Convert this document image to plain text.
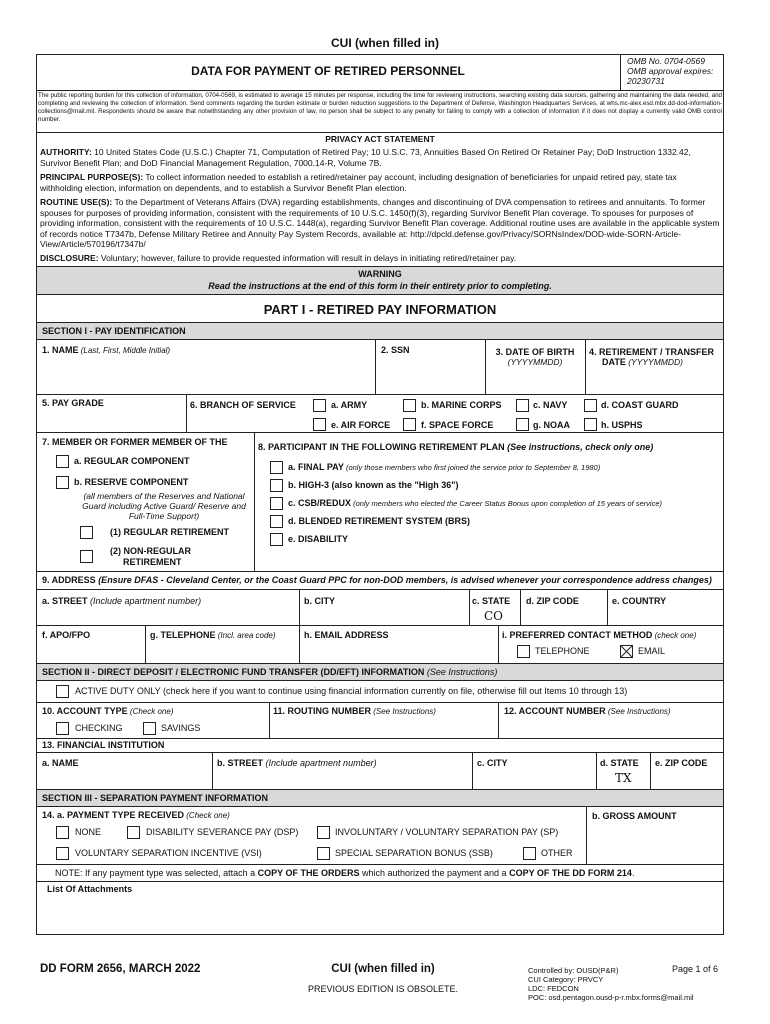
CUI (when filled in)
DATA FOR PAYMENT OF RETIRED PERSONNEL
OMB No. 0704-0569
OMB approval expires:
20230731
The public reporting burden for this collection of information, 0704-0569, is estimated to average 15 minutes per response, including the time for reviewing instructions, searching existing data sources, gathering and maintaining the data needed, and completing and reviewing the collection of information. Send comments regarding the burden estimate or burden reduction suggestions to the Department of Defense, Washington Headquarters Services, at whs.mc-alex.esd.mbx.dd-dod-information-collections@mail.mil. Respondents should be aware that notwithstanding any other provision of law, no person shall be subject to any penalty for failing to comply with a collection of information if it does not display a currently valid OMB control number.
PRIVACY ACT STATEMENT
AUTHORITY: 10 United States Code (U.S.C.) Chapter 71, Computation of Retired Pay; 10 U.S.C. 73, Annuities Based On Retired Or Retainer Pay; DoD Instruction 1332.42, Survivor Benefit Plan; and DoD Financial Management Regulation, 7000.14-R, Volume 7B.
PRINCIPAL PURPOSE(S): To collect information needed to establish a retired/retainer pay account, including designation of beneficiaries for unpaid retired pay, state tax withholding election, information on dependents, and to establish a Survivor Benefit Plan election.
ROUTINE USE(S): To the Department of Veterans Affairs (DVA) regarding establishments, changes and discontinuing of DVA compensation to retirees and annuitants. To former spouses for purposes of providing information, consistent with the requirements of 10 U.S.C. 1450(f)(3), regarding Survivor Benefit Plan coverage. To spouses for purposes of providing information, consistent with the requirements of 10 U.S.C. 1448(a), regarding Survivor Benefit Plan coverage. Additional routine uses are available in the applicable system of records notice T7347b, Defense Military Retiree and Annuity Pay System Records, available at: http://dpcld.defense.gov/Privacy/SORNsIndex/DOD-wide-SORN-Article-View/Article/570196/t7347b/
DISCLOSURE: Voluntary; however, failure to provide requested information will result in delays in initiating retired/retainer pay.
WARNING
Read the instructions at the end of this form in their entirety prior to completing.
PART I - RETIRED PAY INFORMATION
SECTION I - PAY IDENTIFICATION
1. NAME (Last, First, Middle Initial)	2. SSN	3. DATE OF BIRTH
(YYYYMMDD)
4. RETIREMENT / TRANSFER
DATE (YYYYMMDD)
5. PAY GRADE	6. BRANCH OF SERVICE	a. ARMY	b. MARINE CORPS	c. NAVY	d. COAST GUARD
e. AIR FORCE	f. SPACE FORCE	g. NOAA	h. USPHS
7. MEMBER OR FORMER MEMBER OF THE
a. REGULAR COMPONENT
b. RESERVE COMPONENT
(all members of the Reserves and National Guard including Active Guard/ Reserve and Full-Time Support)
(1) REGULAR RETIREMENT
(2) NON-REGULAR
RETIREMENT
8. PARTICIPANT IN THE FOLLOWING RETIREMENT PLAN (See instructions, check only one)
a. FINAL PAY (only those members who first joined the service prior to September 8, 1980)
b. HIGH-3 (also known as the "High 36")
c. CSB/REDUX (only members who elected the Career Status Bonus upon completion of 15 years of service)
d. BLENDED RETIREMENT SYSTEM (BRS)
e. DISABILITY
9. ADDRESS (Ensure DFAS - Cleveland Center, or the Coast Guard PPC for non-DOD members, is advised whenever your correspondence address changes)
a. STREET (Include apartment number)	b. CITY	c. STATE
CO
d. ZIP CODE	e. COUNTRY
f. APO/FPO	g. TELEPHONE (Incl. area code)	h. EMAIL ADDRESS	i. PREFERRED CONTACT METHOD (check one)
TELEPHONE	EMAIL
SECTION II - DIRECT DEPOSIT / ELECTRONIC FUND TRANSFER (DD/EFT) INFORMATION (See Instructions)
ACTIVE DUTY ONLY (check here if you want to continue using financial information currently on file, otherwise fill out Items 10 through 13)
10. ACCOUNT TYPE (Check one)
CHECKING	SAVINGS
11. ROUTING NUMBER (See Instructions)	12. ACCOUNT NUMBER (See Instructions)
13. FINANCIAL INSTITUTION
a. NAME	b. STREET (Include apartment number)	c. CITY	d. STATE
TX
e. ZIP CODE
SECTION III - SEPARATION PAYMENT INFORMATION
14. a. PAYMENT TYPE RECEIVED (Check one)	b. GROSS AMOUNT
NONE	DISABILITY SEVERANCE PAY (DSP)	INVOLUNTARY / VOLUNTARY SEPARATION PAY (SP)
VOLUNTARY SEPARATION INCENTIVE (VSI)	SPECIAL SEPARATION BONUS (SSB)	OTHER
NOTE: If any payment type was selected, attach a COPY OF THE ORDERS which authorized the payment and a COPY OF THE DD FORM 214.
List Of Attachments
DD FORM 2656, MARCH 2022	CUI (when filled in)
PREVIOUS EDITION IS OBSOLETE.
Controlled by: OUSD(P&R)
CUI Category: PRVCY
LDC: FEDCON
POC: osd.pentagon.ousd-p-r.mbx.forms@mail.mil
Page 1 of 6
